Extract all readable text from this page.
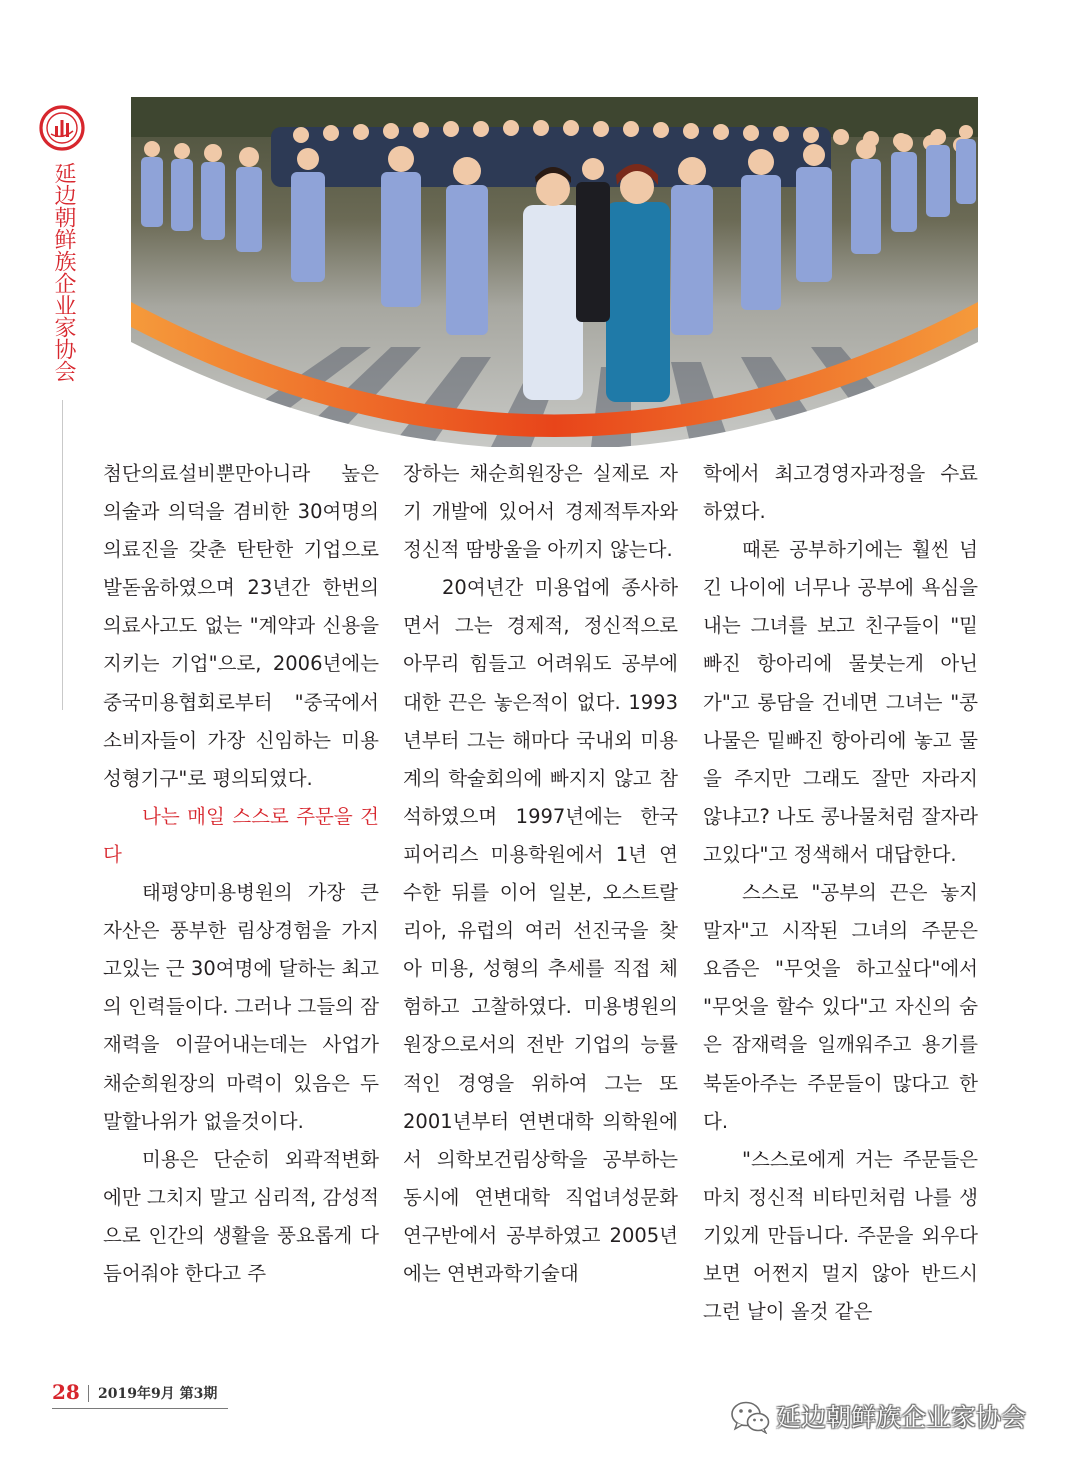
延边朝鲜族企业家协会

첨단의료설비뿐만아니라 높은 의술과 의덕을 겸비한 30여명의 의료진을 갖춘 탄탄한 기업으로 발돋움하였으며 23년간 한번의 의료사고도 없는 "계약과 신용을 지키는 기업"으로, 2006년에는 중국미용협회로부터 "중국에서 소비자들이 가장 신임하는 미용성형기구"로 평의되였다.

나는 매일 스스로 주문을 건다

태평양미용병원의 가장 큰 자산은 풍부한 림상경험을 가지고있는 근 30여명에 달하는 최고의 인력들이다. 그러나 그들의 잠재력을 이끌어내는데는 사업가 채순희원장의 마력이 있음은 두말할나위가 없을것이다.

미용은 단순히 외곽적변화에만 그치지 말고 심리적, 감성적으로 인간의 생활을 풍요롭게 다듬어줘야 한다고 주

장하는 채순희원장은 실제로 자기 개발에 있어서 경제적투자와 정신적 땀방울을 아끼지 않는다.

20여년간 미용업에 종사하면서 그는 경제적, 정신적으로 아무리 힘들고 어려워도 공부에 대한 끈은 놓은적이 없다. 1993년부터 그는 해마다 국내외 미용계의 학술회의에 빠지지 않고 참석하였으며 1997년에는 한국 피어리스 미용학원에서 1년 연수한 뒤를 이어 일본, 오스트랄리아, 유럽의 여러 선진국을 찾아 미용, 성형의 추세를 직접 체험하고 고찰하였다. 미용병원의 원장으로서의 전반 기업의 능률적인 경영을 위하여 그는 또 2001년부터 연변대학 의학원에서 의학보건림상학을 공부하는 동시에 연변대학 직업녀성문화연구반에서 공부하였고 2005년에는 연변과학기술대

학에서 최고경영자과정을 수료하였다.

때론 공부하기에는 훨씬 넘긴 나이에 너무나 공부에 욕심을 내는 그녀를 보고 친구들이 "밑빠진 항아리에 물붓는게 아닌가"고 롱담을 건네면 그녀는 "콩나물은 밑빠진 항아리에 놓고 물을 주지만 그래도 잘만 자라지 않냐고? 나도 콩나물처럼 잘자라고있다"고 정색해서 대답한다.

스스로 "공부의 끈은 놓지 말자"고 시작된 그녀의 주문은 요즘은 "무엇을 하고싶다"에서 "무엇을 할수 있다"고 자신의 숨은 잠재력을 일깨워주고 용기를 북돋아주는 주문들이 많다고 한다.

"스스로에게 거는 주문들은 마치 정신적 비타민처럼 나를 생기있게 만듭니다. 주문을 외우다 보면 어쩐지 멀지 않아 반드시 그런 날이 올것 같은

28 2019年9月 第3期
延边朝鲜族企业家协会
